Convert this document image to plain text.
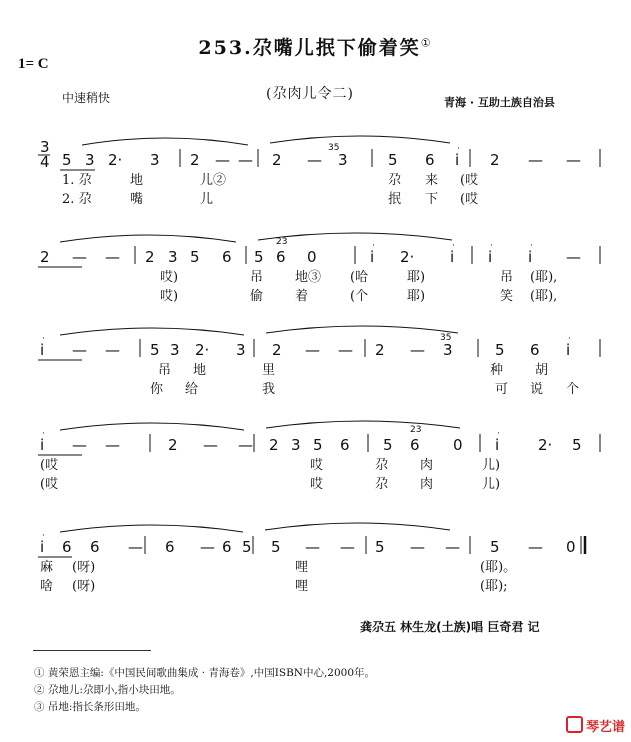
253.尕嘴儿抿下偷着笑①
1= C
中速稍快	(尕肉儿令二)
青海 · 互助土族自治县
3
4 5 3 2· 3 2 — — 2 — 3	5 6 i
·
2 — —
35
1. 尕	地	儿②	尕 来 (哎
2. 尕	嘴	儿	抿 下 (哎
2 — — 2 3 5 6 5 6 0	i
·
2· i
·
i
·
i
·
—
23
哎)	吊 地③ (哈	耶)	吊 (耶),
哎)	偷 着	(个	耶)	笑 (耶),
i
·
— — 5 3 2· 3 2 — — 2 — 3	5 6 i
·
35
吊 地	里	种 胡
你 给	我	可 说 个
i
·
— —	2 — — 2 3 5 6 5 6 0 i
·
2· 5
23
(哎	哎	尕 肉	儿)
(哎	哎	尕 肉	儿)
i
·
6 6 — 6 — 6 5 5 — — 5 — — 5 — 0
麻 (呀)	哩	(耶)。
啥 (呀)	哩	(耶);
龚尕五 林生龙(土族)唱 巨奇君 记
① 黄荣恩主编:《中国民间歌曲集成 · 青海卷》,中国ISBN中心,2000年。
② 尕地儿:尕即小,指小块田地。
③ 吊地:指长条形田地。
琴艺谱
